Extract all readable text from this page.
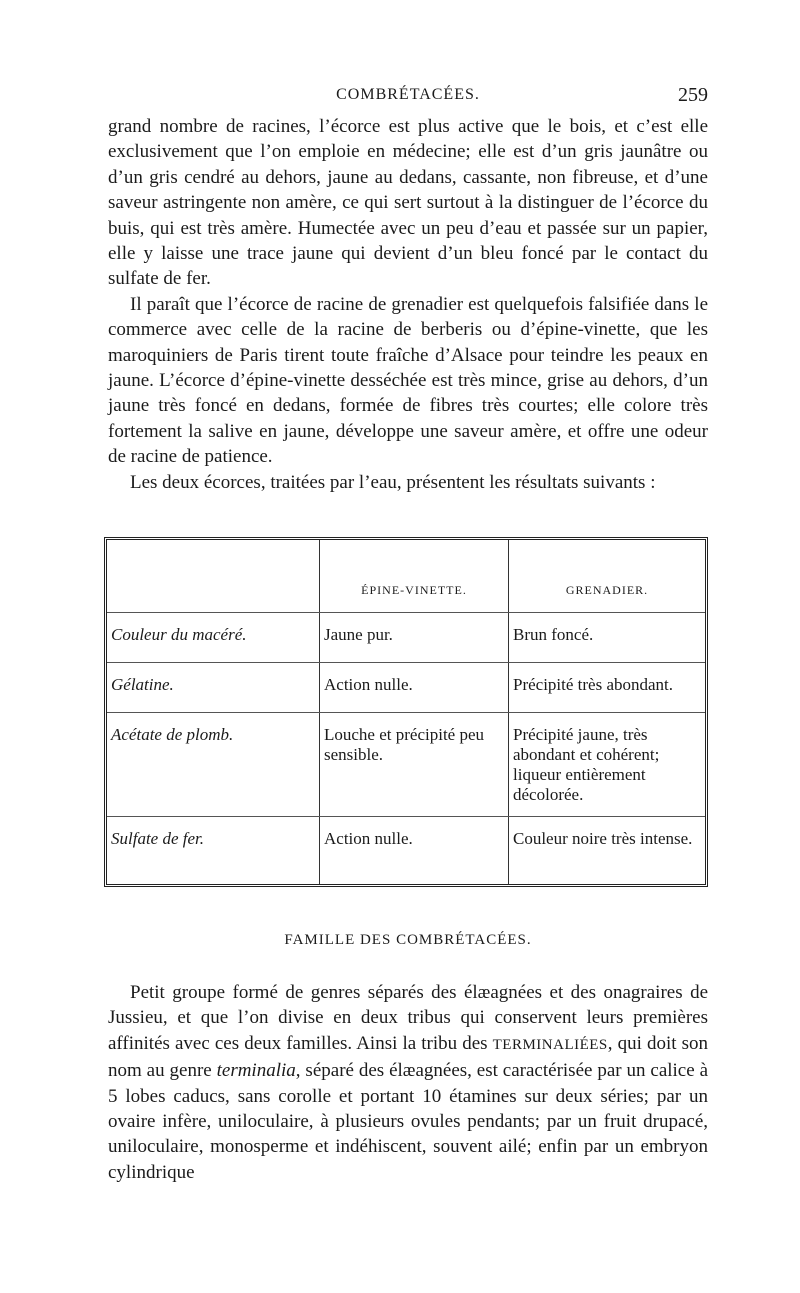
COMBRÉTACÉES.	259

grand nombre de racines, l’écorce est plus active que le bois, et c’est elle exclusivement que l’on emploie en médecine; elle est d’un gris jaunâtre ou d’un gris cendré au dehors, jaune au dedans, cassante, non fibreuse, et d’une saveur astringente non amère, ce qui sert surtout à la distinguer de l’écorce du buis, qui est très amère. Humectée avec un peu d’eau et passée sur un papier, elle y laisse une trace jaune qui devient d’un bleu foncé par le contact du sulfate de fer.

Il paraît que l’écorce de racine de grenadier est quelquefois falsifiée dans le commerce avec celle de la racine de berberis ou d’épine-vinette, que les maroquiniers de Paris tirent toute fraîche d’Alsace pour teindre les peaux en jaune. L’écorce d’épine-vinette desséchée est très mince, grise au dehors, d’un jaune très foncé en dedans, formée de fibres très courtes; elle colore très fortement la salive en jaune, développe une saveur amère, et offre une odeur de racine de patience.

Les deux écorces, traitées par l’eau, présentent les résultats suivants :

	ÉPINE-VINETTE.	GRENADIER.
Couleur du macéré.	Jaune pur.	Brun foncé.
Gélatine.	Action nulle.	Précipité très abondant.
Acétate de plomb.	Louche et précipité peu sensible.	Précipité jaune, très abondant et cohérent; liqueur entièrement décolorée.
Sulfate de fer.	Action nulle.	Couleur noire très intense.
FAMILLE DES COMBRÉTACÉES.

Petit groupe formé de genres séparés des élæagnées et des onagraires de Jussieu, et que l’on divise en deux tribus qui conservent leurs premières affinités avec ces deux familles. Ainsi la tribu des TERMINALIÉES, qui doit son nom au genre terminalia, séparé des élæagnées, est caractérisée par un calice à 5 lobes caducs, sans corolle et portant 10 étamines sur deux séries; par un ovaire infère, uniloculaire, à plusieurs ovules pendants; par un fruit drupacé, uniloculaire, monosperme et indéhiscent, souvent ailé; enfin par un embryon cylindrique
